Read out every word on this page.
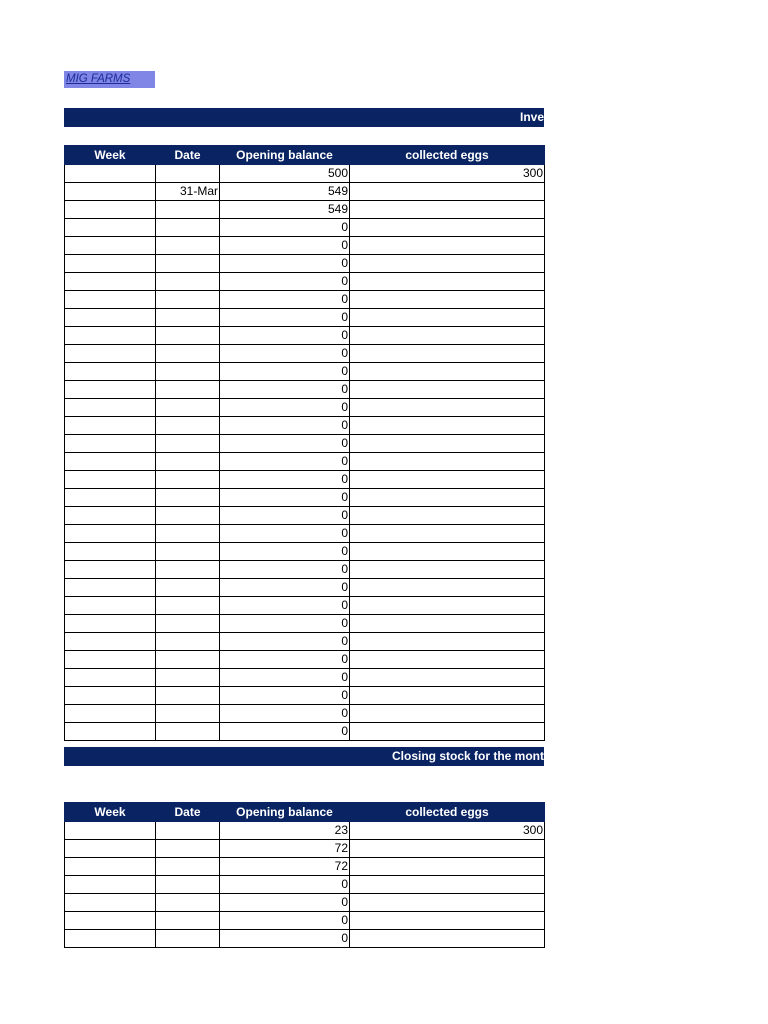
MIG FARMS
Inve
Week	Date	Opening balance	collected eggs
		500	300
	31-Mar	549	
		549	
		0	
		0	
		0	
		0	
		0	
		0	
		0	
		0	
		0	
		0	
		0	
		0	
		0	
		0	
		0	
		0	
		0	
		0	
		0	
		0	
		0	
		0	
		0	
		0	
		0	
		0	
		0	
		0	
		0	
Closing stock for the mont
Week	Date	Opening balance	collected eggs
		23	300
		72	
		72	
		0	
		0	
		0	
		0	
